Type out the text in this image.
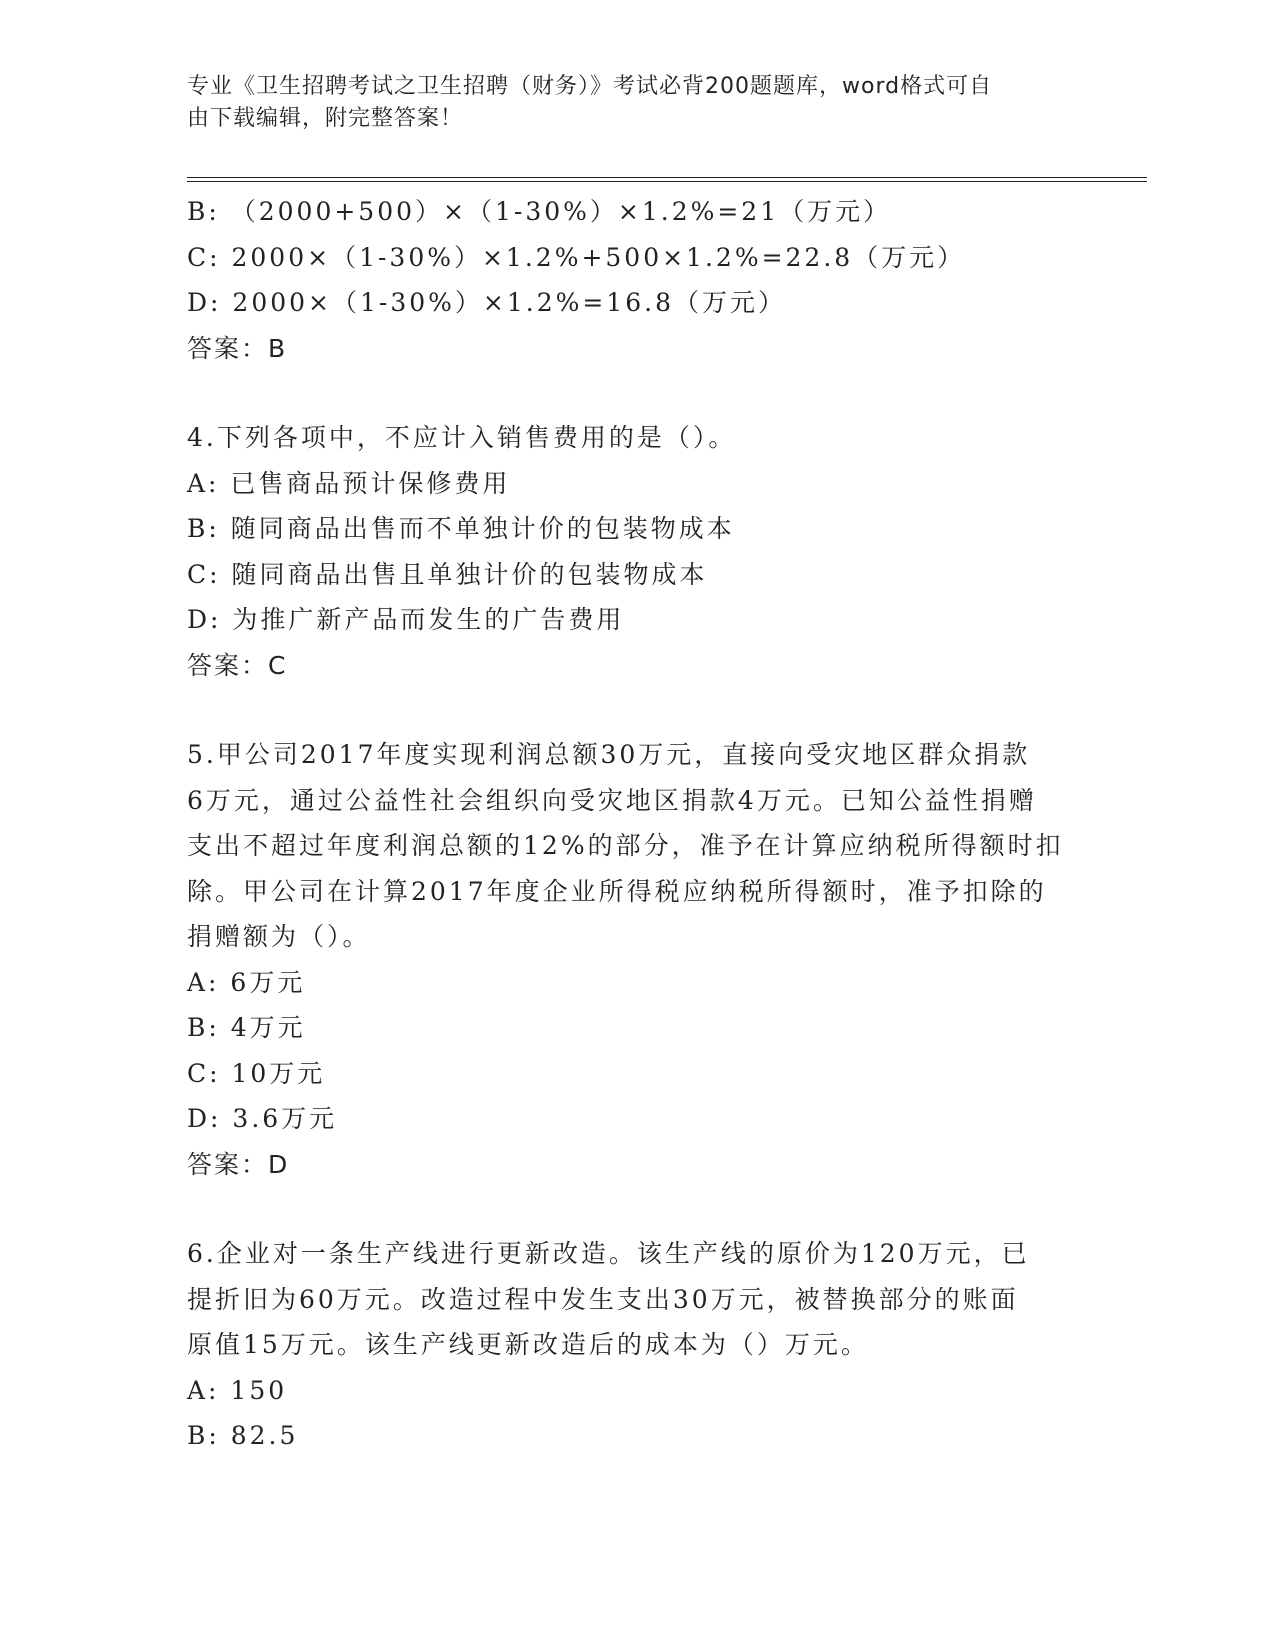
专业《卫生招聘考试之卫生招聘（财务）》考试必背200题题库，word格式可自
由下载编辑，附完整答案！
B: （2000+500）×（1-30%）×1.2%=21（万元）
C: 2000×（1-30%）×1.2%+500×1.2%=22.8（万元）
D: 2000×（1-30%）×1.2%=16.8（万元）
答案：B
4.下列各项中，不应计入销售费用的是（）。
A: 已售商品预计保修费用
B: 随同商品出售而不单独计价的包装物成本
C: 随同商品出售且单独计价的包装物成本
D: 为推广新产品而发生的广告费用
答案：C
5.甲公司2017年度实现利润总额30万元，直接向受灾地区群众捐款
6万元，通过公益性社会组织向受灾地区捐款4万元。已知公益性捐赠
支出不超过年度利润总额的12%的部分，准予在计算应纳税所得额时扣
除。甲公司在计算2017年度企业所得税应纳税所得额时，准予扣除的
捐赠额为（）。
A: 6万元
B: 4万元
C: 10万元
D: 3.6万元
答案：D
6.企业对一条生产线进行更新改造。该生产线的原价为120万元，已
提折旧为60万元。改造过程中发生支出30万元，被替换部分的账面
原值15万元。该生产线更新改造后的成本为（）万元。
A: 150
B: 82.5
